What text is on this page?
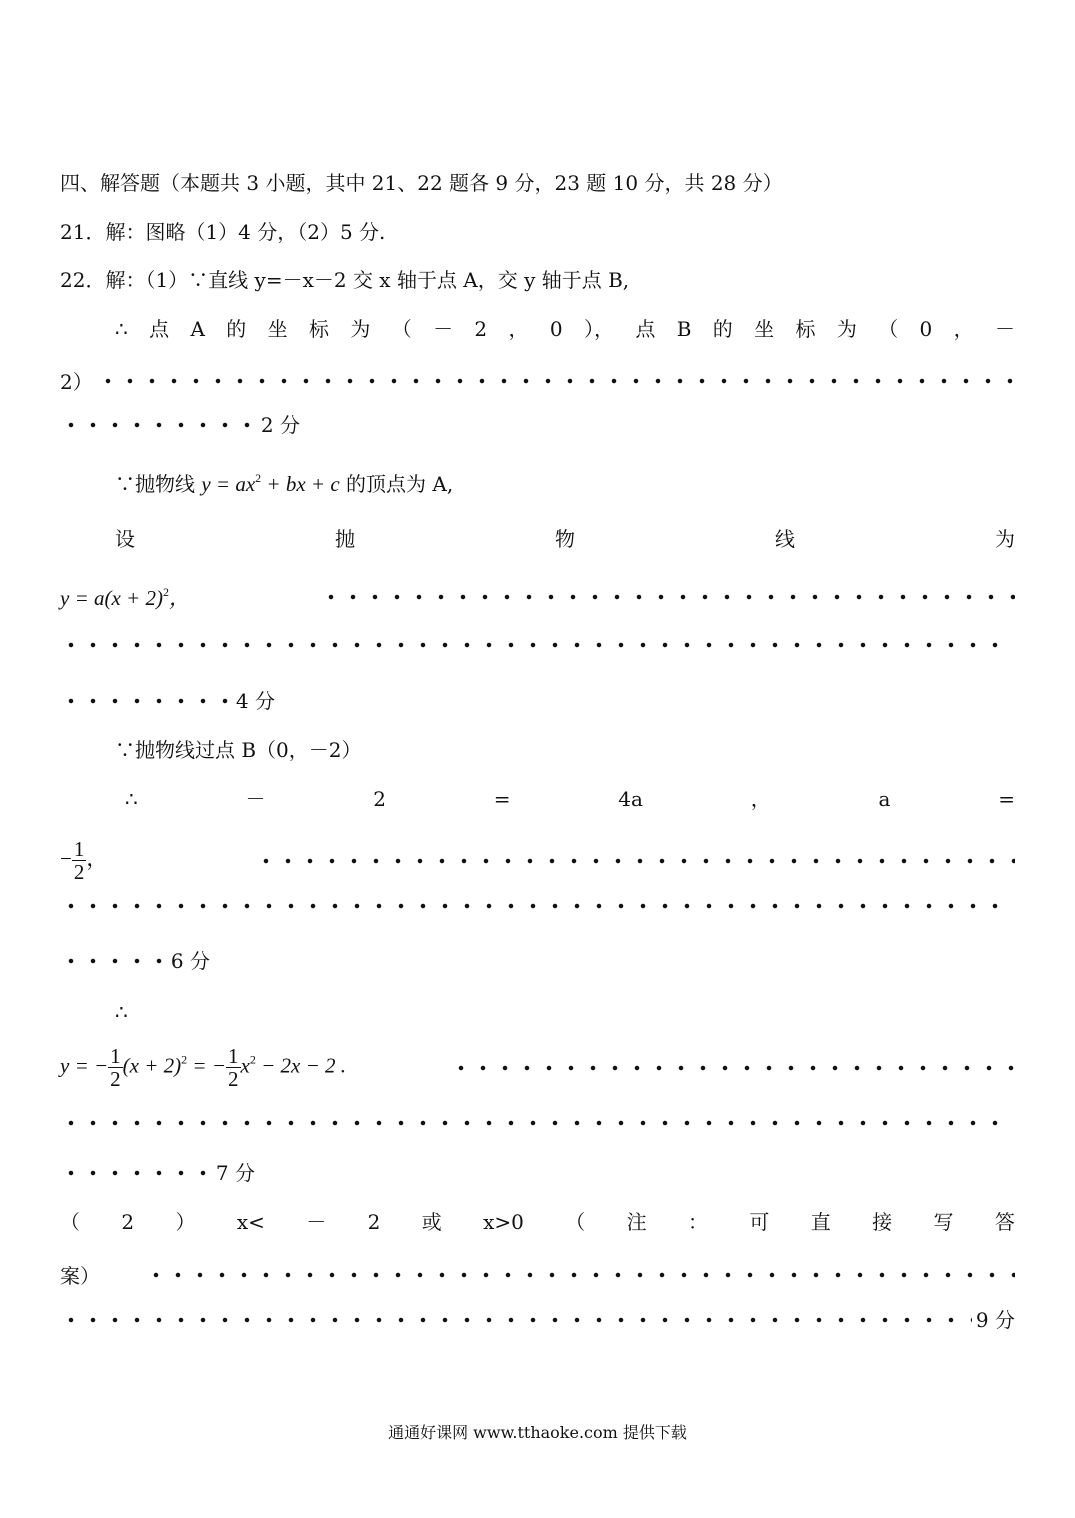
四、解答题（本题共 3 小题，其中 21、22 题各 9 分，23 题 10 分，共 28 分）
21．解：图略（1）4 分，（2）5 分.
22．解：（1）∵直线 y=－x－2 交 x 轴于点 A，交 y 轴于点 B,
∴ 点 A 的 坐 标 为 （ － 2 ， 0 ）， 点 B 的 坐 标 为 （ 0 ， －
2）
2 分
∵抛物线 $y = ax^2$ + bx + c 的顶点为 A,
设	抛	物	线	为
$y = a(x + 2)^2$，
4 分
∵抛物线过点 B（0，－2）
∴	－	2	=	4a	，	a	=
− $\frac{1}{2}$ ，
6 分
∴
y = − $\frac{1}{2} (x + 2)^2$ = − $\frac{1}{2} x^2 - 2x - 2$ .
7 分
（ 2 ） x< － 2 或 x>0 （ 注 ： 可 直 接 写 答
案）
9 分
通通好课网 www.tthaoke.com 提供下载
